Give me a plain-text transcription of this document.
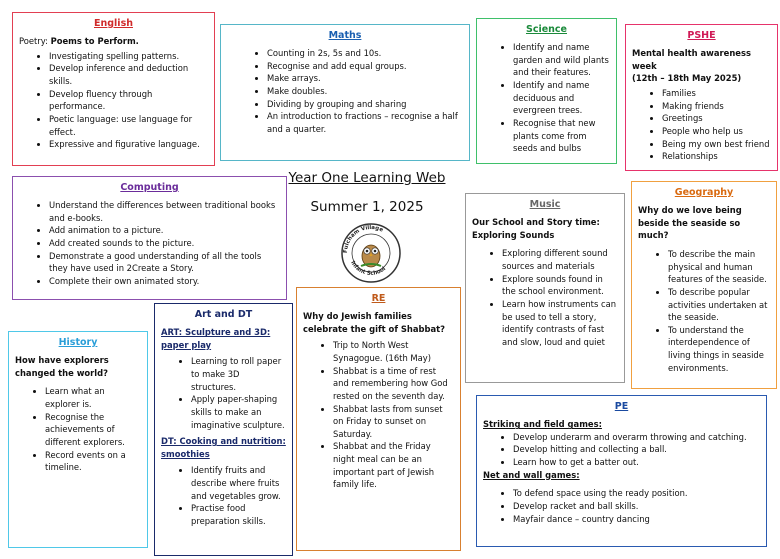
English

Poetry: Poems to Perform.

• Investigating spelling patterns.
• Develop inference and deduction skills.
• Develop fluency through performance.
• Poetic language: use language for effect.
• Expressive and figurative language.
Maths
• Counting in 2s, 5s and 10s.
• Recognise and add equal groups.
• Make arrays.
• Make doubles.
• Dividing by grouping and sharing
• An introduction to fractions – recognise a half and a quarter.
Science
• Identify and name garden and wild plants and their features.
• Identify and name deciduous and evergreen trees.
• Recognise that new plants come from seeds and bulbs
PSHE

Mental health awareness week

(12th – 18th May 2025)

• Families
• Making friends
• Greetings
• People who help us
• Being my own best friend
• Relationships
Computing
• Understand the differences between traditional books and e-books.
• Add animation to a picture.
• Add created sounds to the picture.
• Demonstrate a good understanding of all the tools they have used in 2Create a Story.
• Complete their own animated story.
Year One Learning Web
Summer 1, 2025
Fulcham Village
Infant School
Music

Our School and Story time: Exploring Sounds

• Exploring different sound sources and materials
• Explore sounds found in the school environment.
• Learn how instruments can be used to tell a story, identify contrasts of fast and slow, loud and quiet
Geography

Why do we love being beside the seaside so much?

• To describe the main physical and human features of the seaside.
• To describe popular activities undertaken at the seaside.
• To understand the interdependence of living things in seaside environments.
History

How have explorers changed the world?

• Learn what an explorer is.
• Recognise the achievements of different explorers.
• Record events on a timeline.
Art and DT

ART: Sculpture and 3D: paper play

• Learning to roll paper to make 3D structures.
• Apply paper-shaping skills to make an imaginative sculpture.

DT: Cooking and nutrition: smoothies

• Identify fruits and describe where fruits and vegetables grow.
• Practise food preparation skills.
RE

Why do Jewish families celebrate the gift of Shabbat?

• Trip to North West Synagogue. (16th May)
• Shabbat is a time of rest and remembering how God rested on the seventh day.
• Shabbat lasts from sunset on Friday to sunset on Saturday.
• Shabbat and the Friday night meal can be an important part of Jewish family life.
PE

Striking and field games:

• Develop underarm and overarm throwing and catching.
• Develop hitting and collecting a ball.
• Learn how to get a batter out.

Net and wall games:

• To defend space using the ready position.
• Develop racket and ball skills.
• Mayfair dance – country dancing
